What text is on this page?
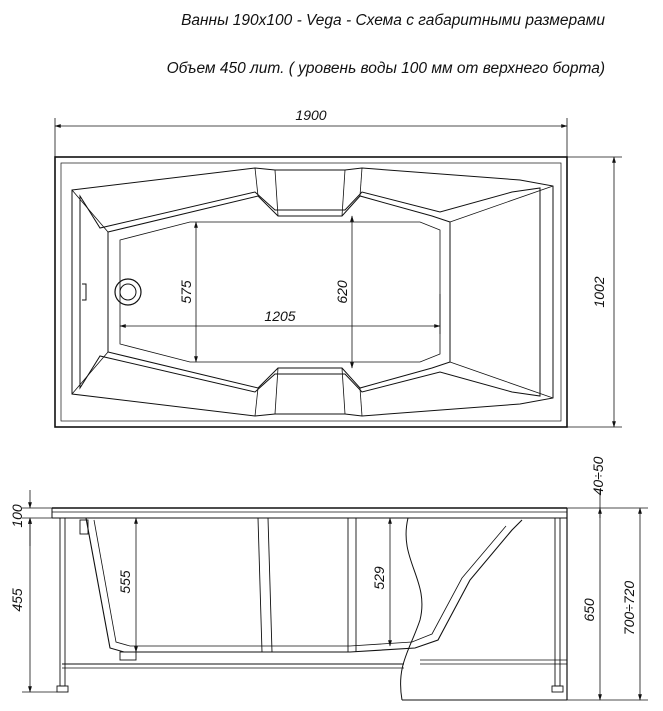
Ванны 190х100 - Vega - Схема с габаритными размерами
Объем 450 лит. ( уровень воды 100 мм от верхнего борта)
1900
1002
575	620
1205
100
455
555	529
40÷50
650 700÷720
